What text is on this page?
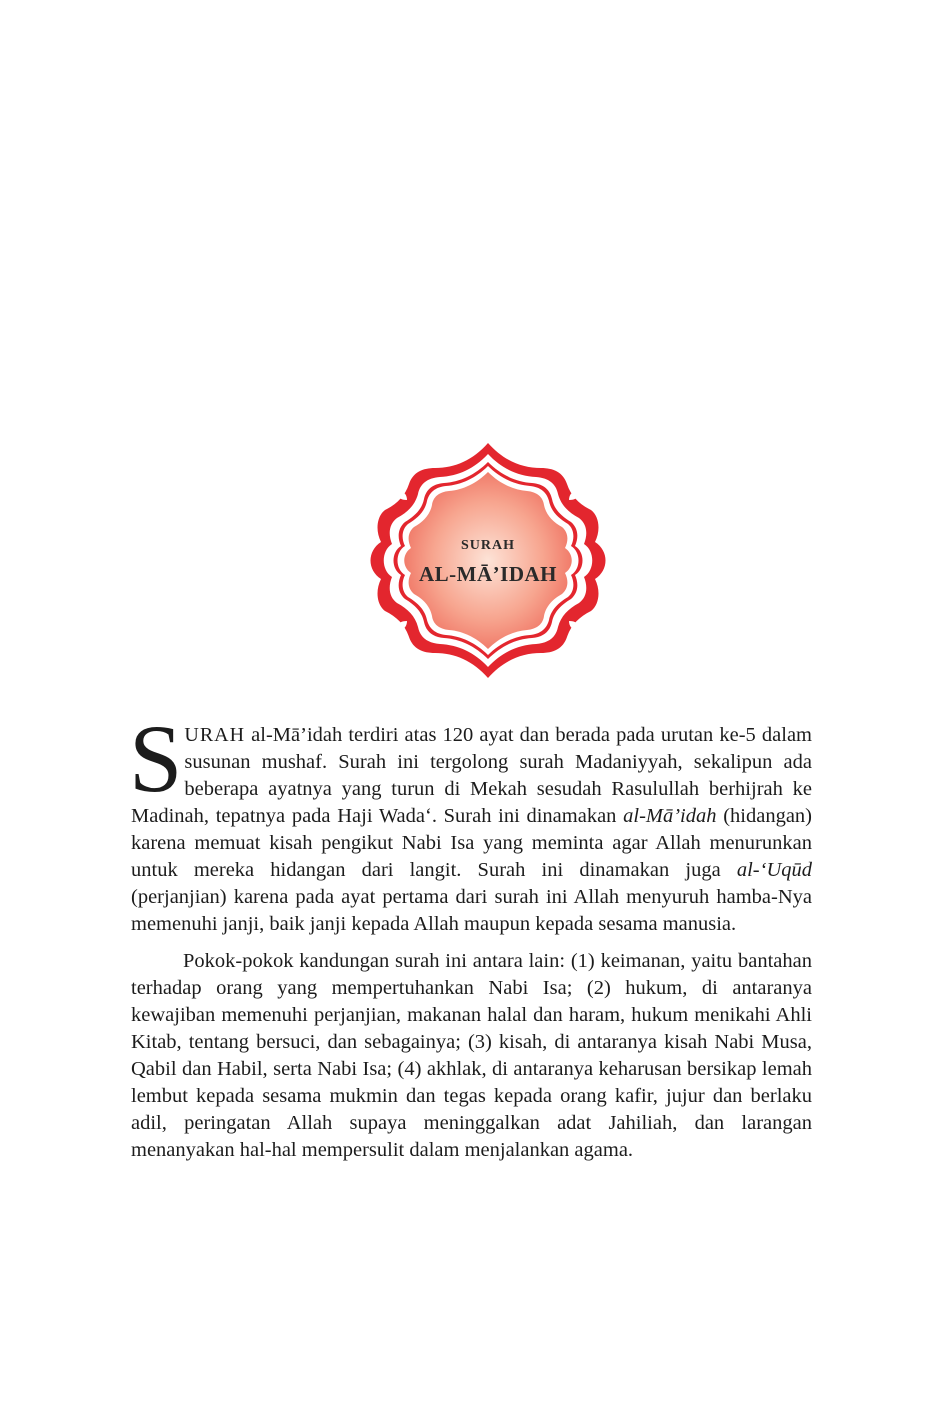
SURAH
AL-MĀ’IDAH

SURAH al-Mā’idah terdiri atas 120 ayat dan berada pada urutan ke-5 dalam susunan mushaf. Surah ini tergolong surah Madaniyyah, sekalipun ada beberapa ayatnya yang turun di Mekah sesudah Rasulullah berhijrah ke Madinah, tepatnya pada Haji Wada‘. Surah ini dinamakan al-Mā’idah (hidangan) karena memuat kisah pengikut Nabi Isa yang meminta agar Allah menurunkan untuk mereka hidangan dari langit. Surah ini dinamakan juga al-‘Uqūd (perjanjian) karena pada ayat pertama dari surah ini Allah menyuruh hamba-Nya memenuhi janji, baik janji kepada Allah maupun kepada sesama manusia.

Pokok-pokok kandungan surah ini antara lain: (1) keimanan, yaitu bantahan terhadap orang yang mempertuhankan Nabi Isa; (2) hukum, di antaranya kewajiban memenuhi perjanjian, makanan halal dan haram, hukum menikahi Ahli Kitab, tentang bersuci, dan sebagainya; (3) kisah, di antaranya kisah Nabi Musa, Qabil dan Habil, serta Nabi Isa; (4) akhlak, di antaranya keharusan bersikap lemah lembut kepada sesama mukmin dan tegas kepada orang kafir, jujur dan berlaku adil, peringatan Allah supaya meninggalkan adat Jahiliah, dan larangan menanyakan hal-hal mempersulit dalam menjalankan agama.
